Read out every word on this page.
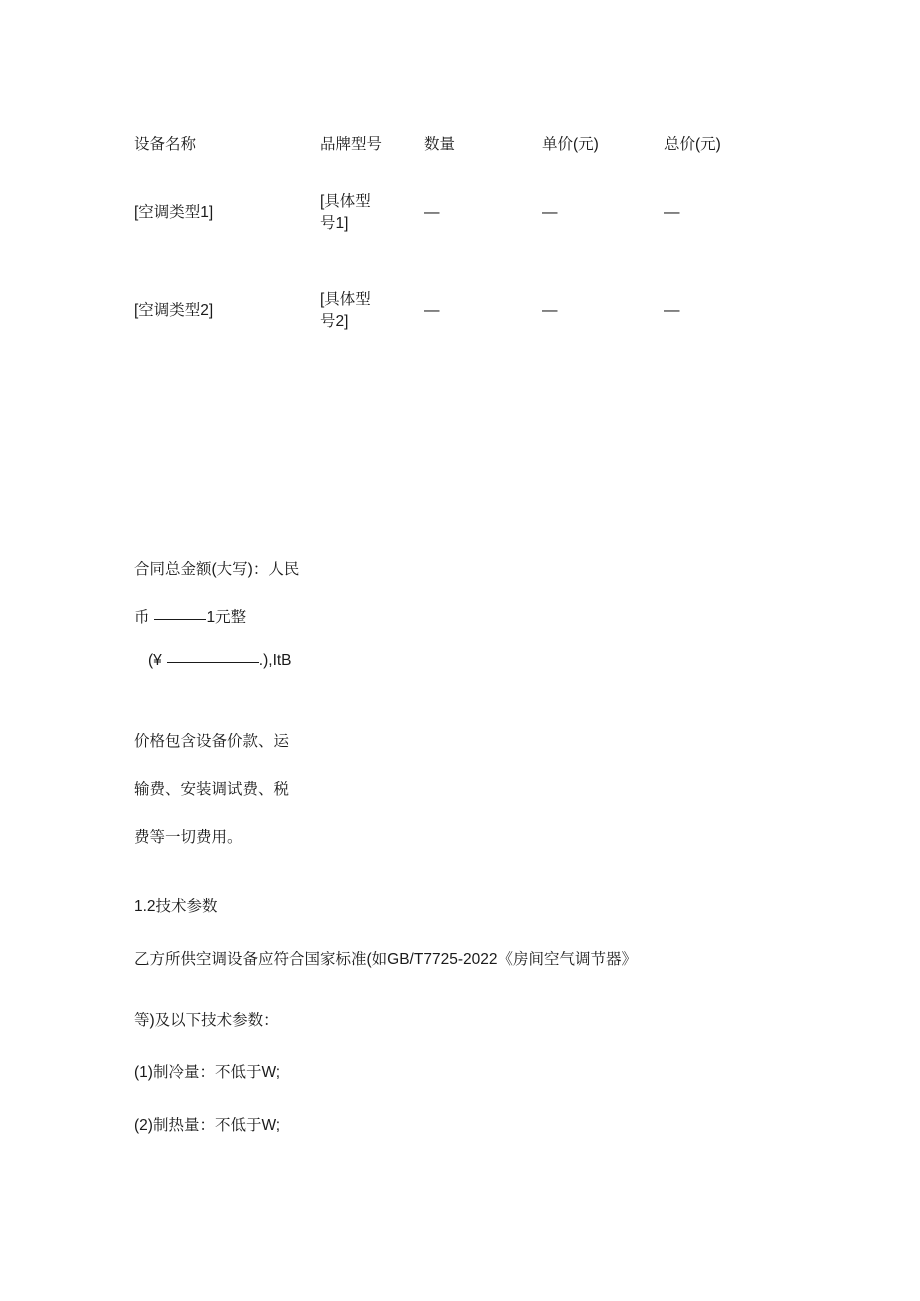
设备名称	品牌型号	数量	单价(元)	总价(元)
[空调类型1]	[具体型
号1]	—	—	—
[空调类型2]	[具体型
号2]	—	—	—
合同总金额(大写)：人民
币	1元整
(¥	.),ItB
价格包含设备价款、运
输费、安装调试费、税
费等一切费用。
1.2技术参数
乙方所供空调设备应符合国家标准(如GB/T7725-2022《房间空气调节器》
等)及以下技术参数：
(1)制冷量：不低于W;
(2)制热量：不低于W;
